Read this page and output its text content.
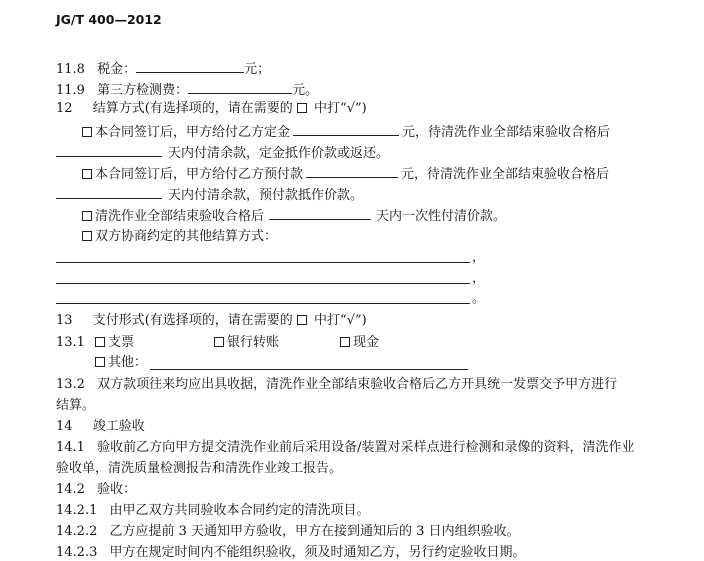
JG/T 400—2012
11.8 税金：	元；
11.9 第三方检测费：	元。
12 结算方式(有选择项的，请在需要的 中打“√”)
本合同签订后，甲方给付乙方定金	元，待清洗作业全部结束验收合格后
天内付清余款，定金抵作价款或返还。
本合同签订后，甲方给付乙方预付款	元，待清洗作业全部结束验收合格后
天内付清余款，预付款抵作价款。
清洗作业全部结束验收合格后	天内一次性付清价款。
双方协商约定的其他结算方式：
，
，
。
13 支付形式(有选择项的，请在需要的 中打“√”)
13.1	支票	银行转账	现金
其他：
13.2 双方款项往来均应出具收据，清洗作业全部结束验收合格后乙方开具统一发票交予甲方进行
结算。
14 竣工验收
14.1 验收前乙方向甲方提交清洗作业前后采用设备/装置对采样点进行检测和录像的资料，清洗作业
验收单，清洗质量检测报告和清洗作业竣工报告。
14.2 验收：
14.2.1 由甲乙双方共同验收本合同约定的清洗项目。
14.2.2 乙方应提前 3 天通知甲方验收，甲方在接到通知后的 3 日内组织验收。
14.2.3 甲方在规定时间内不能组织验收，须及时通知乙方，另行约定验收日期。
